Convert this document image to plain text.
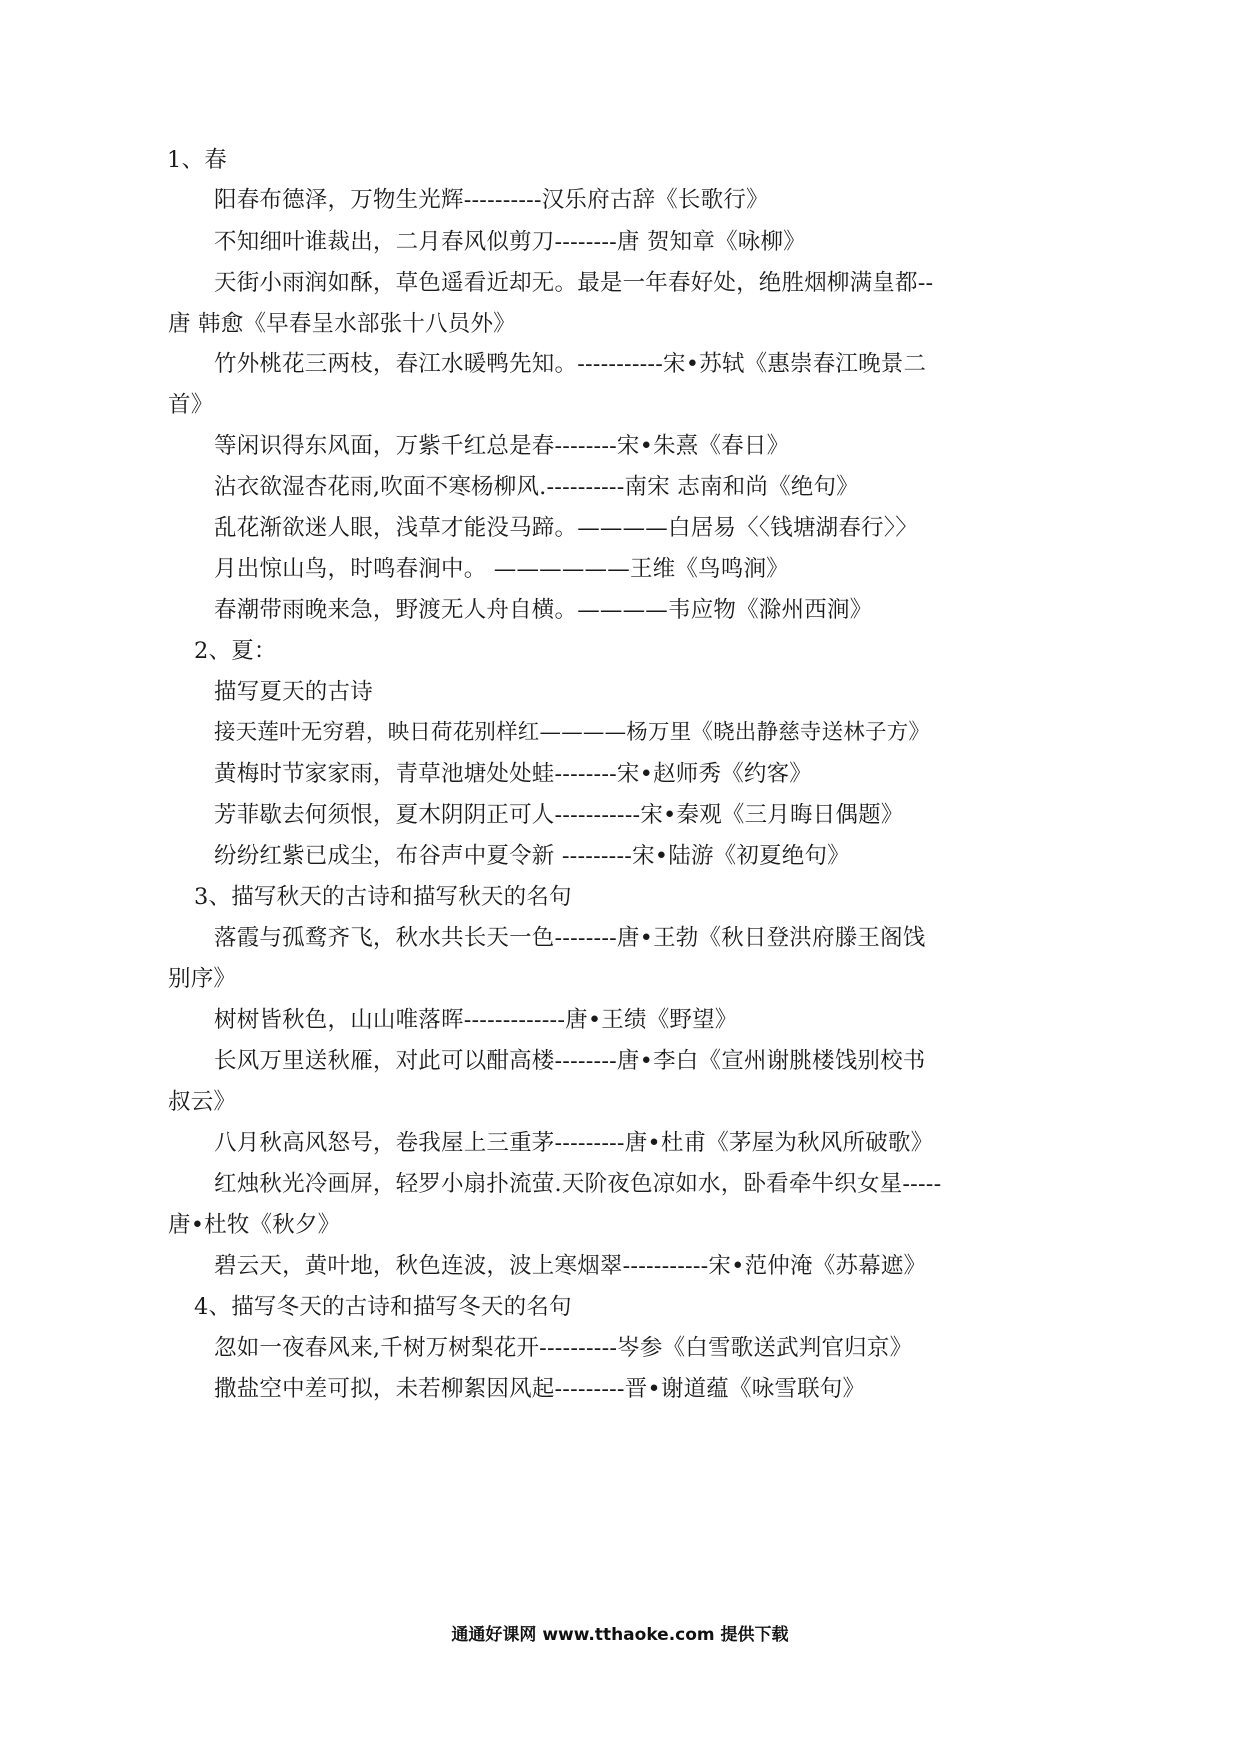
1、春
阳春布德泽，万物生光辉----------汉乐府古辞《长歌行》
不知细叶谁裁出，二月春风似剪刀--------唐 贺知章《咏柳》
天街小雨润如酥，草色遥看近却无。最是一年春好处，绝胜烟柳满皇都--
唐 韩愈《早春呈水部张十八员外》
竹外桃花三两枝，春江水暖鸭先知。-----------宋•苏轼《惠崇春江晚景二
首》
等闲识得东风面，万紫千红总是春--------宋•朱熹《春日》
沾衣欲湿杏花雨,吹面不寒杨柳风.----------南宋 志南和尚《绝句》
乱花渐欲迷人眼，浅草才能没马蹄。————白居易〈〈钱塘湖春行〉〉
月出惊山鸟，时鸣春涧中。 ——————王维《鸟鸣涧》
春潮带雨晚来急，野渡无人舟自横。————韦应物《滁州西涧》
2、夏：
描写夏天的古诗
接天莲叶无穷碧，映日荷花别样红————杨万里《晓出静慈寺送林子方》
黄梅时节家家雨，青草池塘处处蛙--------宋•赵师秀《约客》
芳菲歇去何须恨，夏木阴阴正可人-----------宋•秦观《三月晦日偶题》
纷纷红紫已成尘，布谷声中夏令新 ---------宋•陆游《初夏绝句》
3、描写秋天的古诗和描写秋天的名句
落霞与孤鹜齐飞，秋水共长天一色--------唐•王勃《秋日登洪府滕王阁饯
别序》
树树皆秋色，山山唯落晖-------------唐•王绩《野望》
长风万里送秋雁，对此可以酣高楼--------唐•李白《宣州谢朓楼饯别校书
叔云》
八月秋高风怒号，卷我屋上三重茅---------唐•杜甫《茅屋为秋风所破歌》
红烛秋光冷画屏，轻罗小扇扑流萤.天阶夜色凉如水，卧看牵牛织女星-----
唐•杜牧《秋夕》
碧云天，黄叶地，秋色连波，波上寒烟翠-----------宋•范仲淹《苏幕遮》
4、描写冬天的古诗和描写冬天的名句
忽如一夜春风来,千树万树梨花开----------岑参《白雪歌送武判官归京》
撒盐空中差可拟，未若柳絮因风起---------晋•谢道蕴《咏雪联句》
通通好课网 www.tthaoke.com 提供下载
